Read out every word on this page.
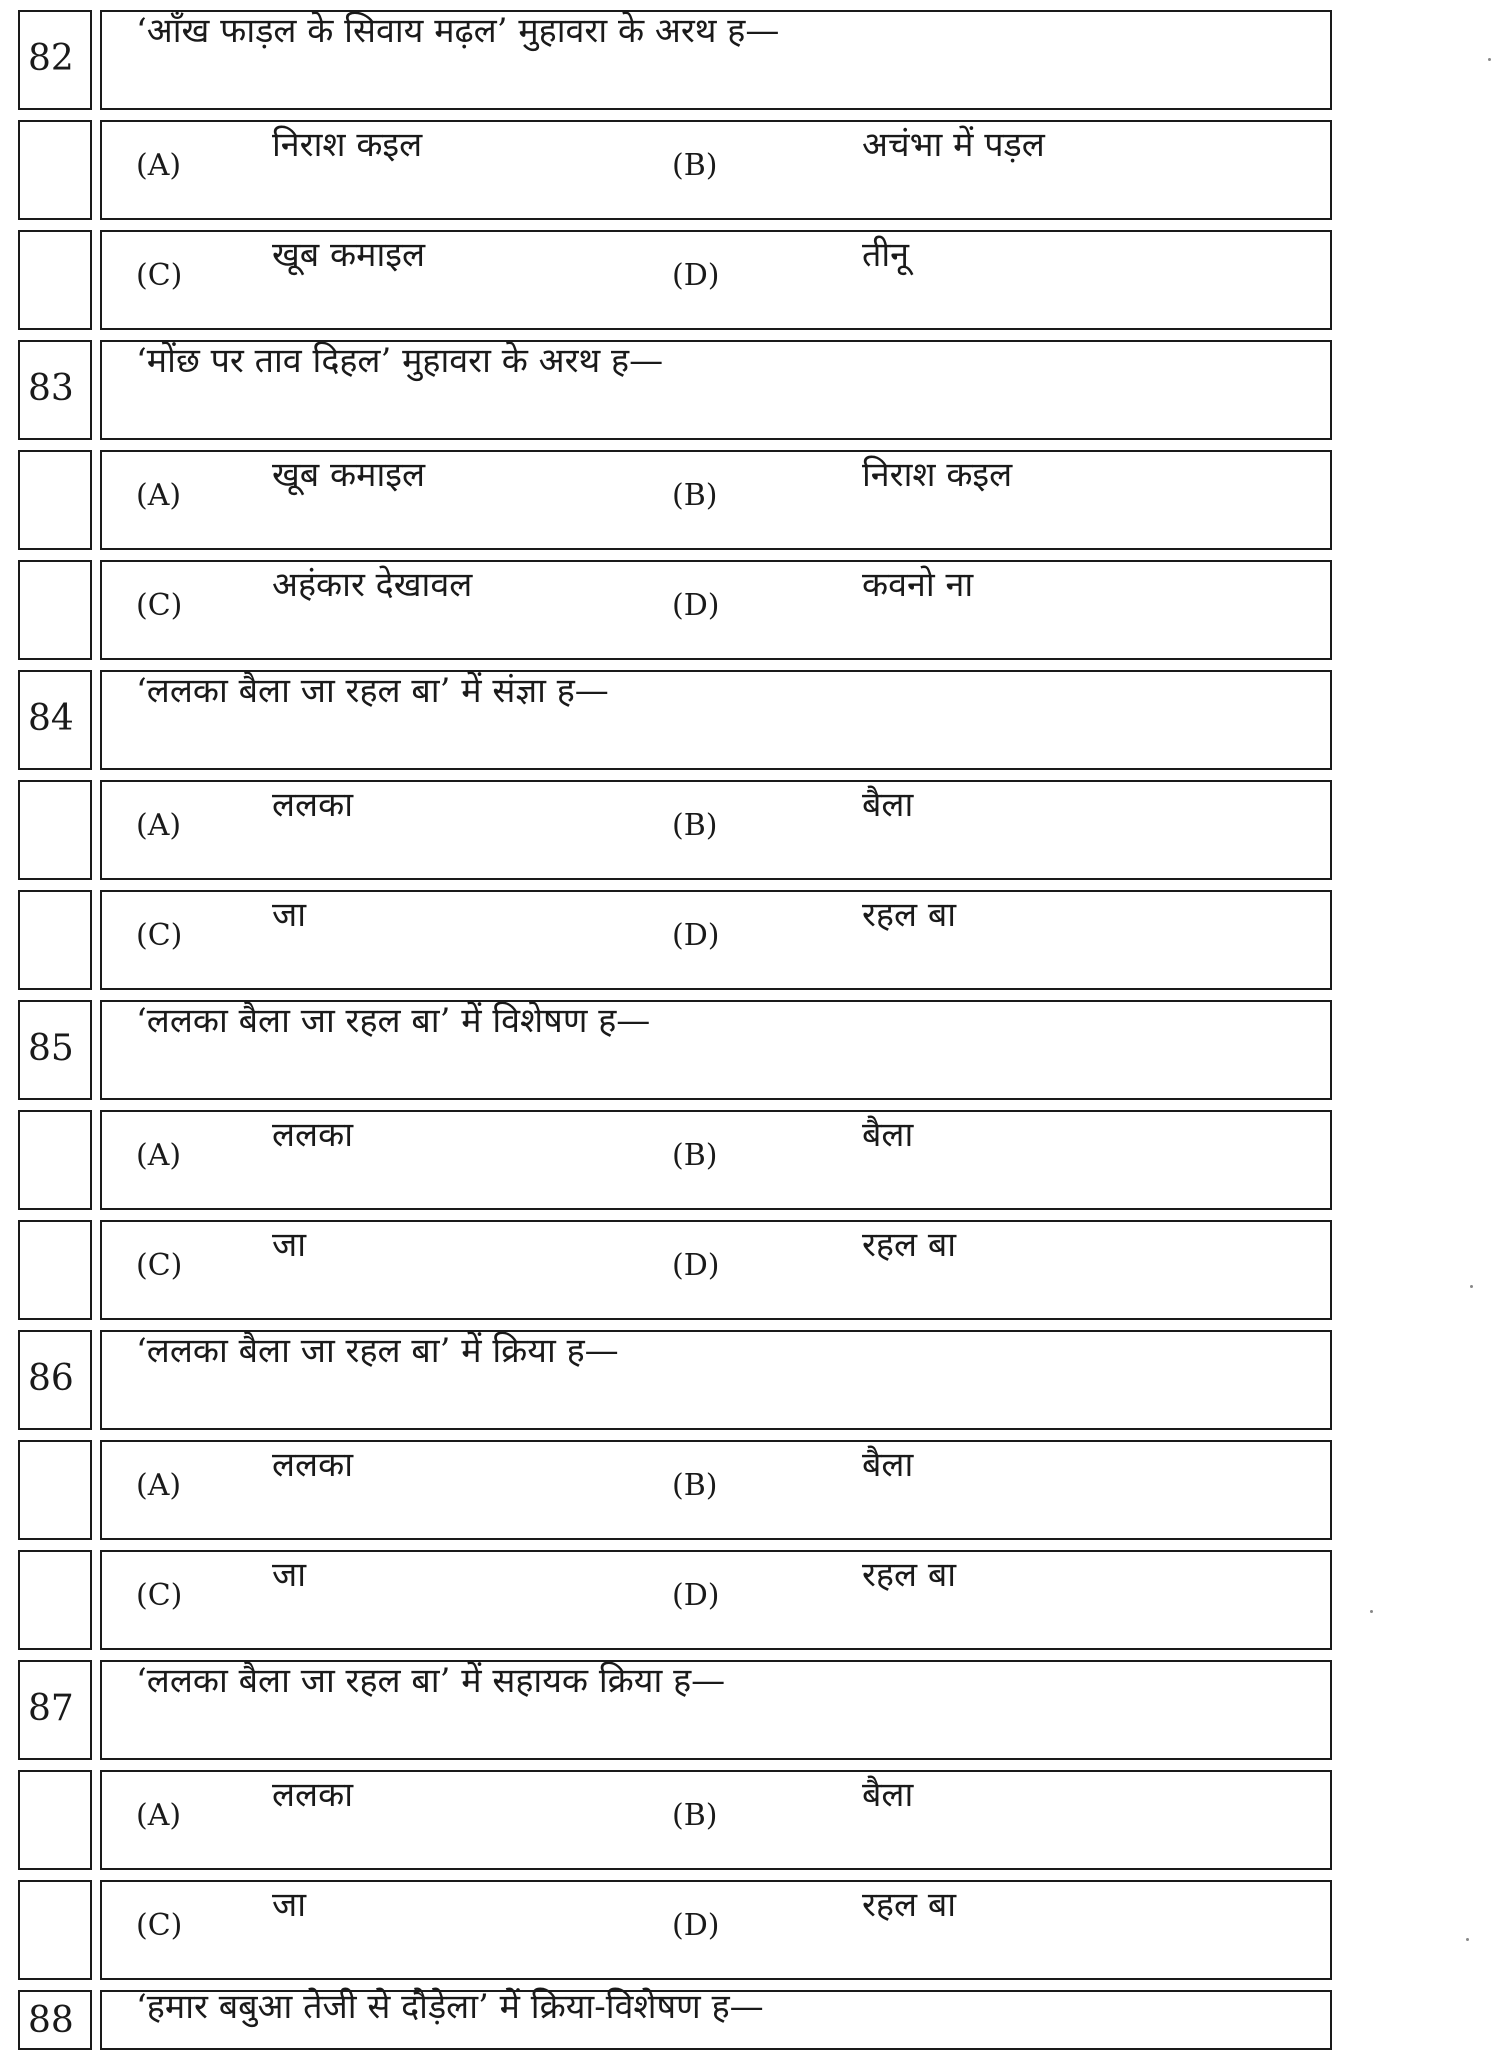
82
‘आँख फाड़ल के सिवाय मढ़ल’ मुहावरा के अरथ ह—
(A)
निराश कइल
(B)
अचंभा में पड़ल
(C)
खूब कमाइल
(D)
तीनू
83
‘मोंछ पर ताव दिहल’ मुहावरा के अरथ ह—
(A)
खूब कमाइल
(B)
निराश कइल
(C)
अहंकार देखावल
(D)
कवनो ना
84
‘ललका बैला जा रहल बा’ में संज्ञा ह—
(A)
ललका
(B)
बैला
(C)
जा
(D)
रहल बा
85
‘ललका बैला जा रहल बा’ में विशेषण ह—
(A)
ललका
(B)
बैला
(C)
जा
(D)
रहल बा
86
‘ललका बैला जा रहल बा’ में क्रिया ह—
(A)
ललका
(B)
बैला
(C)
जा
(D)
रहल बा
87
‘ललका बैला जा रहल बा’ में सहायक क्रिया ह—
(A)
ललका
(B)
बैला
(C)
जा
(D)
रहल बा
88 ‘हमार बबुआ तेजी से दौड़ेला’ में क्रिया-विशेषण ह—
